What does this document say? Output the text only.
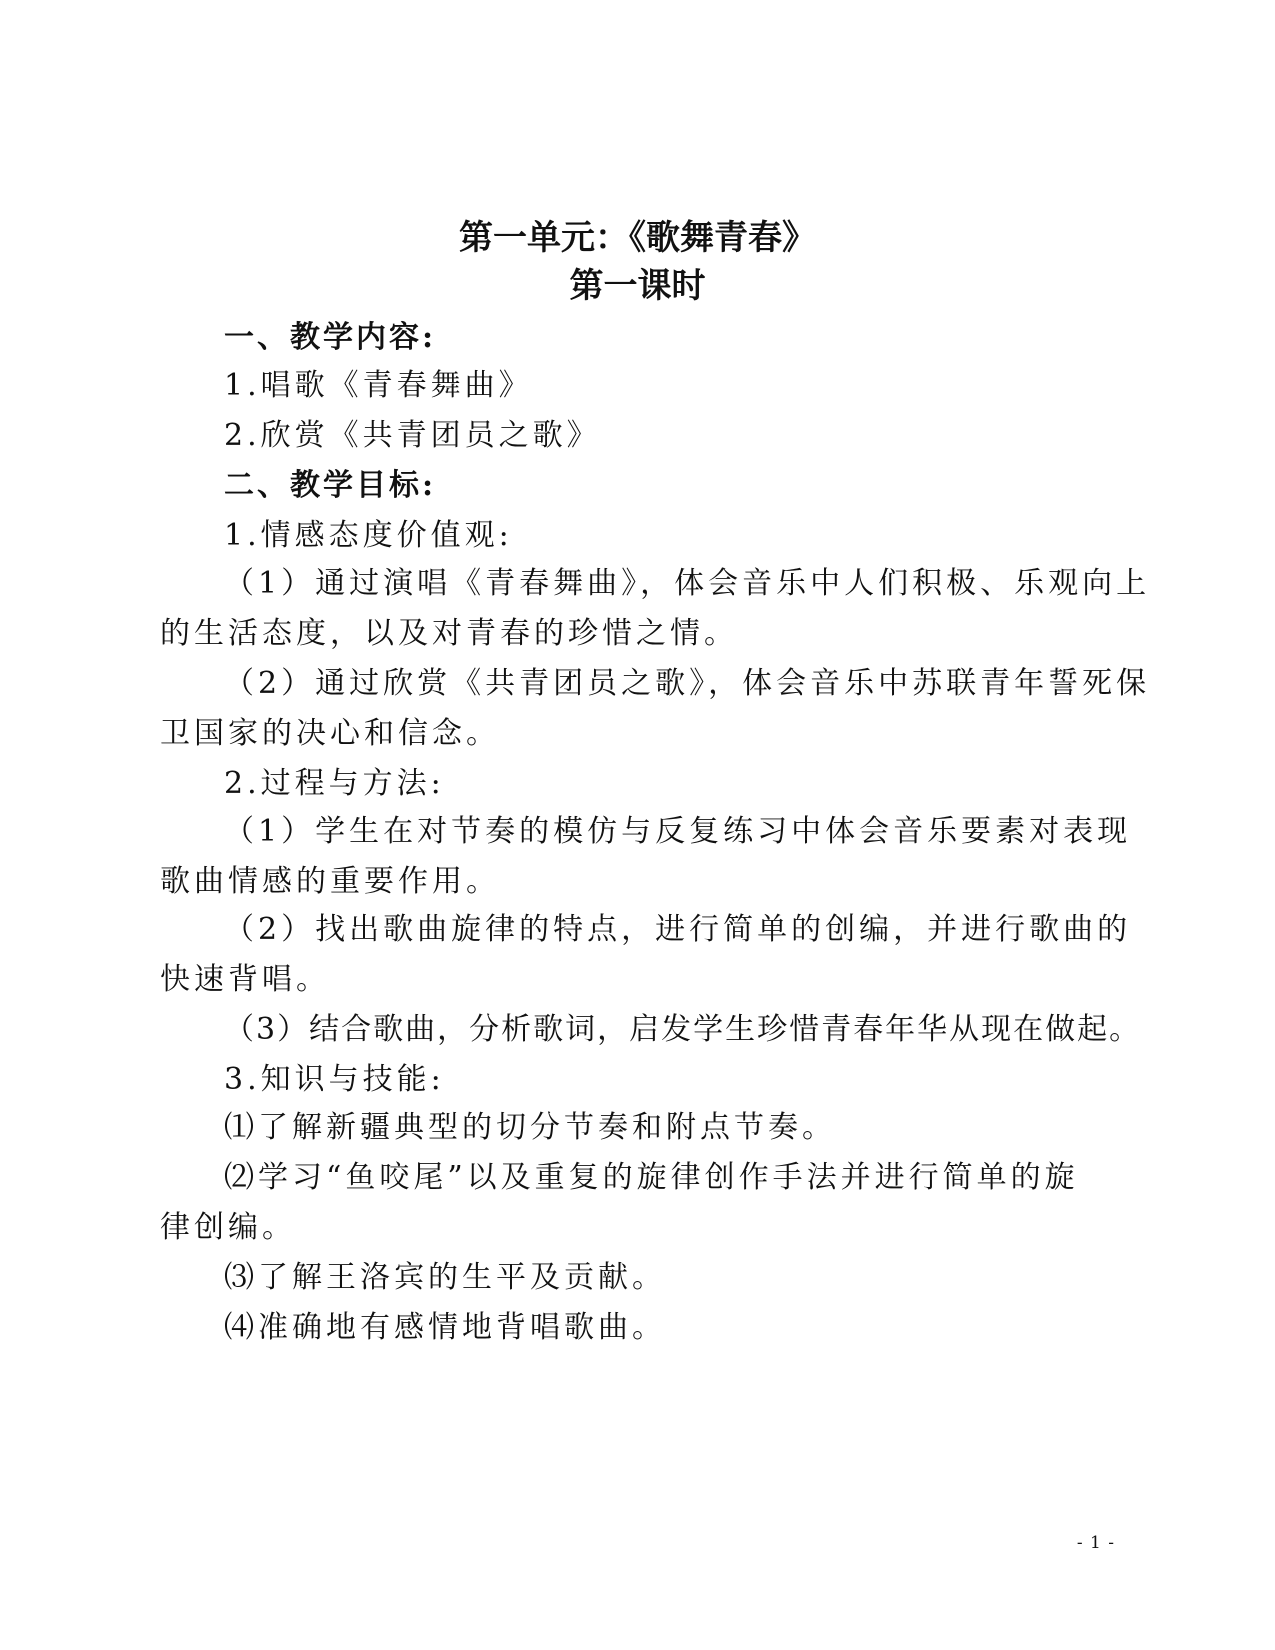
第一单元：《歌舞青春》
第一课时
一、教学内容:
1.唱歌《青春舞曲》
2.欣赏《共青团员之歌》
二、教学目标:
1.情感态度价值观:
（1）通过演唱《青春舞曲》，体会音乐中人们积极、乐观向上
的生活态度，以及对青春的珍惜之情。
（2）通过欣赏《共青团员之歌》，体会音乐中苏联青年誓死保
卫国家的决心和信念。
2.过程与方法:
（1）学生在对节奏的模仿与反复练习中体会音乐要素对表现
歌曲情感的重要作用。
（2）找出歌曲旋律的特点，进行简单的创编，并进行歌曲的
快速背唱。
（3）结合歌曲，分析歌词，启发学生珍惜青春年华从现在做起。
3.知识与技能:
⑴了解新疆典型的切分节奏和附点节奏。
⑵学习“鱼咬尾”以及重复的旋律创作手法并进行简单的旋
律创编。
⑶了解王洛宾的生平及贡献。
⑷准确地有感情地背唱歌曲。
- 1 -
